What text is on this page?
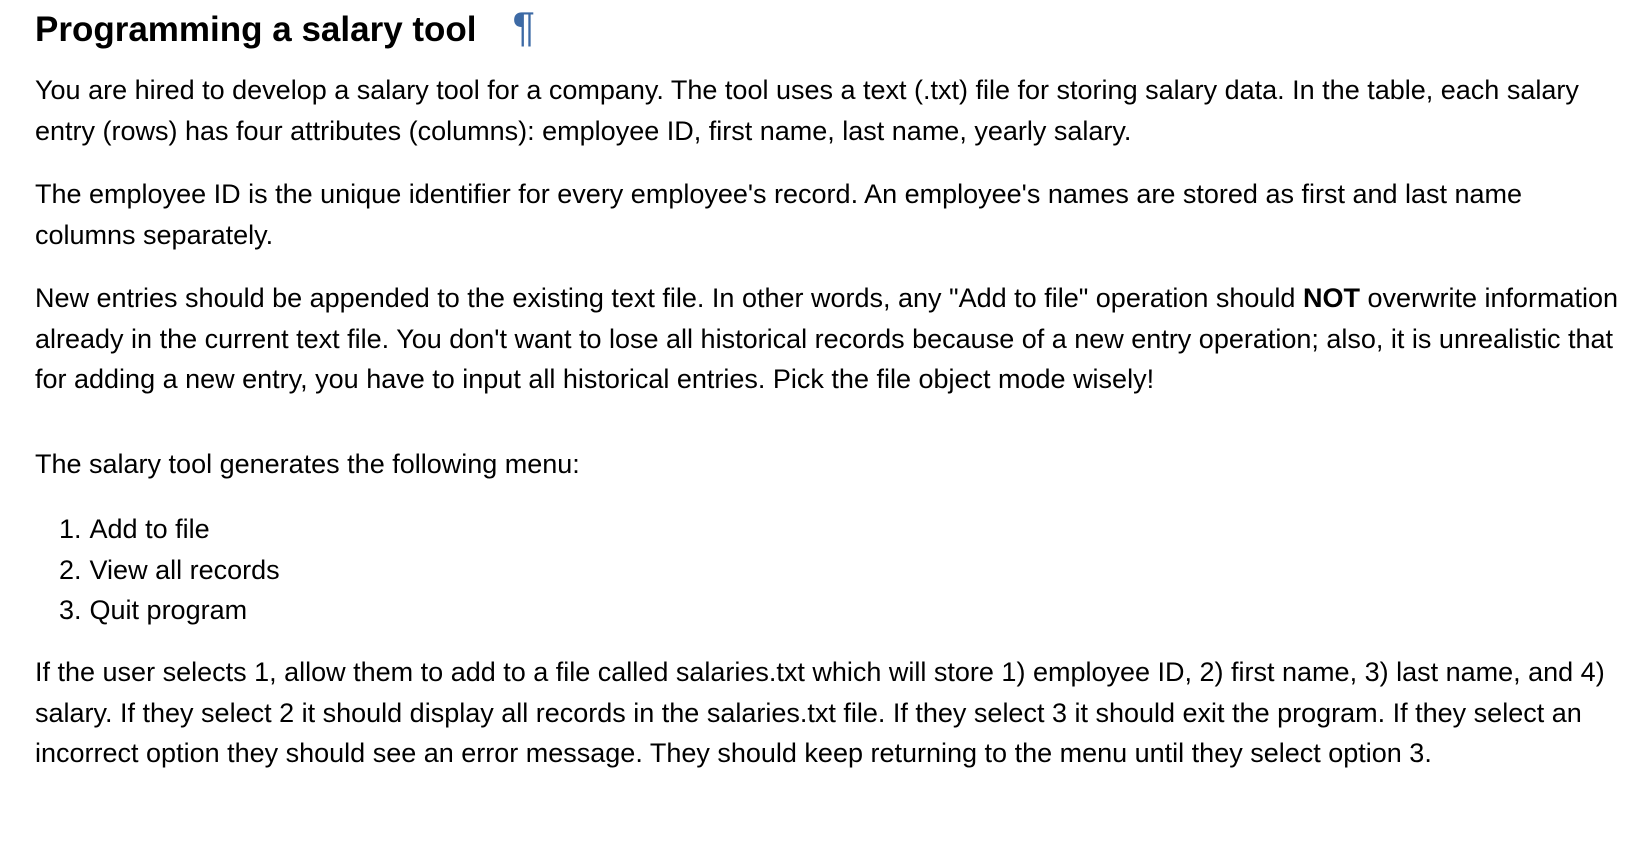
Programming a salary tool ¶

You are hired to develop a salary tool for a company. The tool uses a text (.txt) file for storing salary data. In the table, each salary entry (rows) has four attributes (columns): employee ID, first name, last name, yearly salary.

The employee ID is the unique identifier for every employee's record. An employee's names are stored as first and last name columns separately.

New entries should be appended to the existing text file. In other words, any "Add to file" operation should NOT overwrite information already in the current text file. You don't want to lose all historical records because of a new entry operation; also, it is unrealistic that for adding a new entry, you have to input all historical entries. Pick the file object mode wisely!

The salary tool generates the following menu:

1. Add to file
2. View all records
3. Quit program

If the user selects 1, allow them to add to a file called salaries.txt which will store 1) employee ID, 2) first name, 3) last name, and 4) salary. If they select 2 it should display all records in the salaries.txt file. If they select 3 it should exit the program. If they select an incorrect option they should see an error message. They should keep returning to the menu until they select option 3.
